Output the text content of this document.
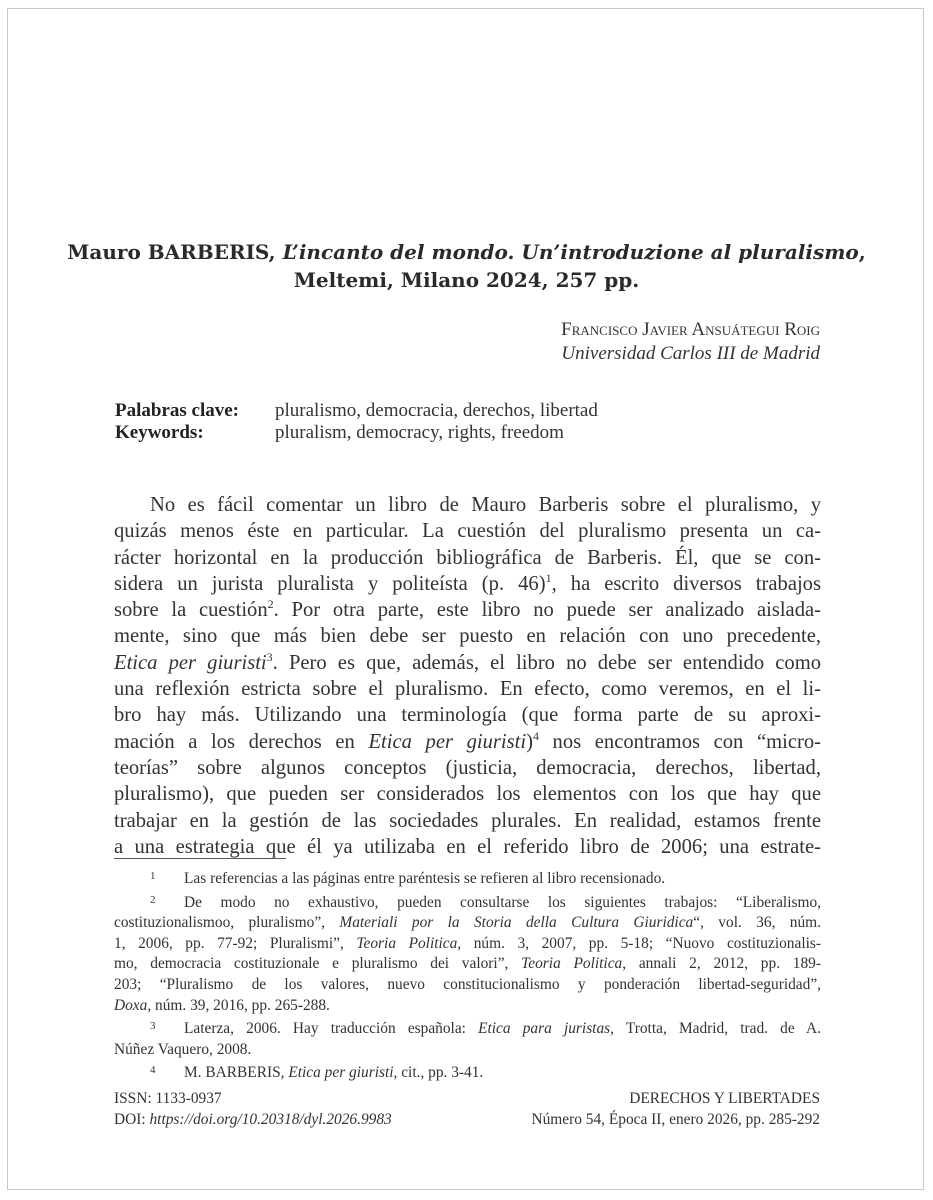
Mauro BARBERIS, L’incanto del mondo. Un’introduzione al pluralismo,
Meltemi, Milano 2024, 257 pp.
Francisco Javier Ansuátegui Roig
Universidad Carlos III de Madrid
Palabras clave:	pluralismo, democracia, derechos, libertad
Keywords:	pluralism, democracy, rights, freedom
No es fácil comentar un libro de Mauro Barberis sobre el pluralismo, y
quizás menos éste en particular. La cuestión del pluralismo presenta un ca-
rácter horizontal en la producción bibliográfica de Barberis. Él, que se con-
sidera un jurista pluralista y politeísta (p. 46)$^1$, ha escrito diversos trabajos
sobre la cuestión$^2$. Por otra parte, este libro no puede ser analizado aislada-
mente, sino que más bien debe ser puesto en relación con uno precedente,
Etica per giuristi$^3$. Pero es que, además, el libro no debe ser entendido como
una reflexión estricta sobre el pluralismo. En efecto, como veremos, en el li-
bro hay más. Utilizando una terminología (que forma parte de su aproxi-
mación a los derechos en Etica per giuristi)$^4$ nos encontramos con “micro-
teorías” sobre algunos conceptos (justicia, democracia, derechos, libertad,
pluralismo), que pueden ser considerados los elementos con los que hay que
trabajar en la gestión de las sociedades plurales. En realidad, estamos frente
a una estrategia que él ya utilizaba en el referido libro de 2006; una estrate-
1 Las referencias a las páginas entre paréntesis se refieren al libro recensionado.
2 De modo no exhaustivo, pueden consultarse los siguientes trabajos: “Liberalismo,
costituzionalismoo, pluralismo”, Materiali por la Storia della Cultura Giuridica“, vol. 36, núm.
1, 2006, pp. 77-92; Pluralismi”, Teoria Politica, núm. 3, 2007, pp. 5-18; “Nuovo costituzionalis-
mo, democracia costituzionale e pluralismo dei valori”, Teoria Politica, annali 2, 2012, pp. 189-
203; “Pluralismo de los valores, nuevo constitucionalismo y ponderación libertad-seguridad”,
Doxa, núm. 39, 2016, pp. 265-288.
3 Laterza, 2006. Hay traducción española: Etica para juristas, Trotta, Madrid, trad. de A.
Núñez Vaquero, 2008.
4 M. BARBERIS, Etica per giuristi, cit., pp. 3-41.
ISSN: 1133-0937
DOI: https://doi.org/10.20318/dyl.2026.9983
DERECHOS Y LIBERTADES
Número 54, Época II, enero 2026, pp. 285-292
